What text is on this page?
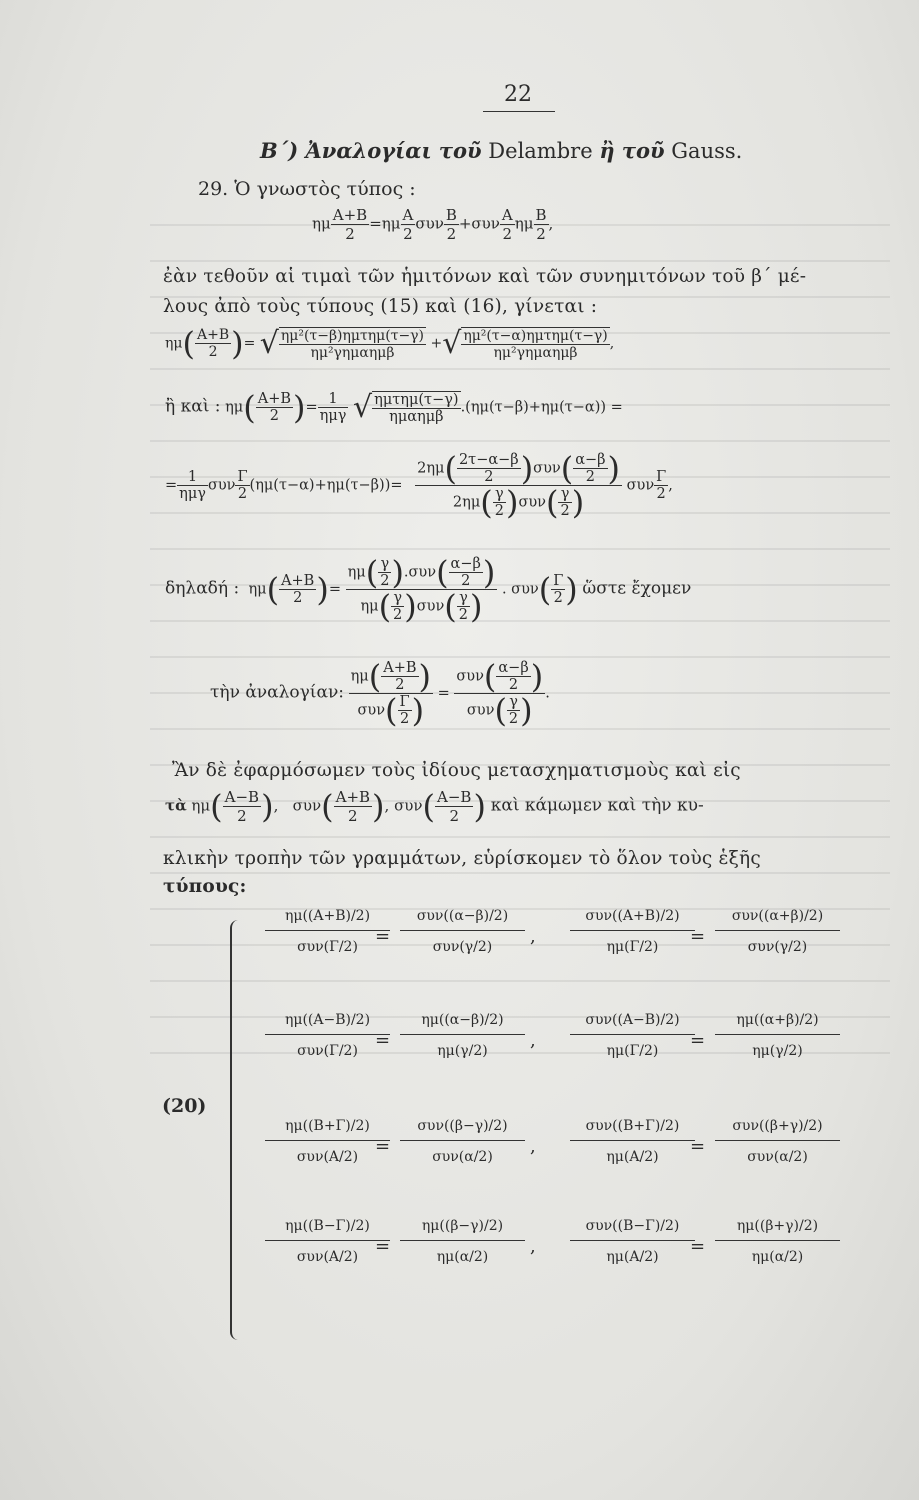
22
Β΄) Ἀναλογίαι τοῦ Delambre ἢ τοῦ Gauss.
29. Ὁ γνωστὸς τύπος :
ημ $\frac{A+B}{2} =\eta\mu \frac{A}{2}$ συν $\frac{B}{2} +\sigma\upsilon\nu \frac{A}{2}$ ημ $\frac{B}{2}$ ,
ἐὰν τεθοῦν αἱ τιμαὶ τῶν ἡμιτόνων καὶ τῶν συνημιτόνων τοῦ β΄ μέ-
λους ἀπὸ τοὺς τύπους (15) καὶ (16), γίνεται :
$\eta\mu( \frac{A+B}{2}$ )= √ ημ²(τ−β)ημτημ(τ−γ)
ημ²γημαημβ
+√ ημ²(τ−α)ημτημ(τ−γ)
ημ²γημαημβ
,
ἢ καὶ : $\eta\mu( \frac{A+B}{2}$ )=
1
ημγ √ ημτημ(τ−γ)
ημαημβ
.(ημ(τ−β)+ημ(τ−α)) =
=
1
ημγ
συν $\frac{\Gamma}{2} (\eta\mu(\tau-\alpha)+\eta\mu(\tau-\beta))=$
$2\eta\mu( \frac{2\tau-\alpha-\beta}{2} )\sigma\upsilon\nu( \frac{\alpha-\beta}{2}$ )
$2\eta\mu( \frac{\gamma}{2} )\sigma\upsilon\nu( \frac{\gamma}{2}$ )	συν $\frac{\Gamma}{2}$ ,
δηλαδή :  $\eta\mu( \frac{A+B}{2}$ )=
$\eta\mu( \frac{\gamma}{2} ).\sigma\upsilon\nu( \frac{\alpha-\beta}{2}$ )
$\eta\mu( \frac{\gamma}{2} )\sigma\upsilon\nu( \frac{\gamma}{2}$ )	. $\sigma\upsilon\nu( \frac{\Gamma}{2}$ ) ὥστε ἔχομεν
τὴν ἀναλογίαν:
$\eta\mu( \frac{A+B}{2}$ )
$\sigma\upsilon\nu( \frac{\Gamma}{2}$ ) =
$\sigma\upsilon\nu( \frac{\alpha-\beta}{2}$ )
$\sigma\upsilon\nu( \frac{\gamma}{2}$ ) .
Ἂν δὲ ἐφαρμόσωμεν τοὺς ἰδίους μετασχηματισμοὺς καὶ εἰς
τὰ $\eta\mu( \frac{A-B}{2}$ ),   $\sigma\upsilon\nu( \frac{A+B}{2}$ ), $\sigma\upsilon\nu( \frac{A-B}{2}$ ) καὶ κάμωμεν καὶ τὴν κυ-
κλικὴν τροπὴν τῶν γραμμάτων, εὑρίσκομεν τὸ ὅλον τοὺς ἑξῆς
τύπους:
(20)
ημ((Α+Β)/2)
συν(Γ/2)
συν((α−β)/2)
συν(γ/2)
συν((Α+Β)/2)
ημ(Γ/2)
συν((α+β)/2)
συν(γ/2)
=	=
,
ημ((Α−Β)/2)
συν(Γ/2)	$\frac{\eta\mu((\alpha-\beta)/2)}{\eta\mu(\gamma/2)}$	συν((Α−Β)/2)
ημ(Γ/2)	$\frac{\eta\mu((\alpha+\beta)/2)}{\eta\mu(\gamma/2)}$
=	=
,
ημ((Β+Γ)/2)
συν(Α/2)
συν((β−γ)/2)
συν(α/2)
συν((Β+Γ)/2)
ημ(Α/2)
συν((β+γ)/2)
συν(α/2)
=	=
,
ημ((Β−Γ)/2)
συν(Α/2)	$\frac{\eta\mu((\beta-\gamma)/2)}{\eta\mu(\alpha/2)}$	συν((Β−Γ)/2)
ημ(Α/2)	$\frac{\eta\mu((\beta+\gamma)/2)}{\eta\mu(\alpha/2)}$
=	=
,
